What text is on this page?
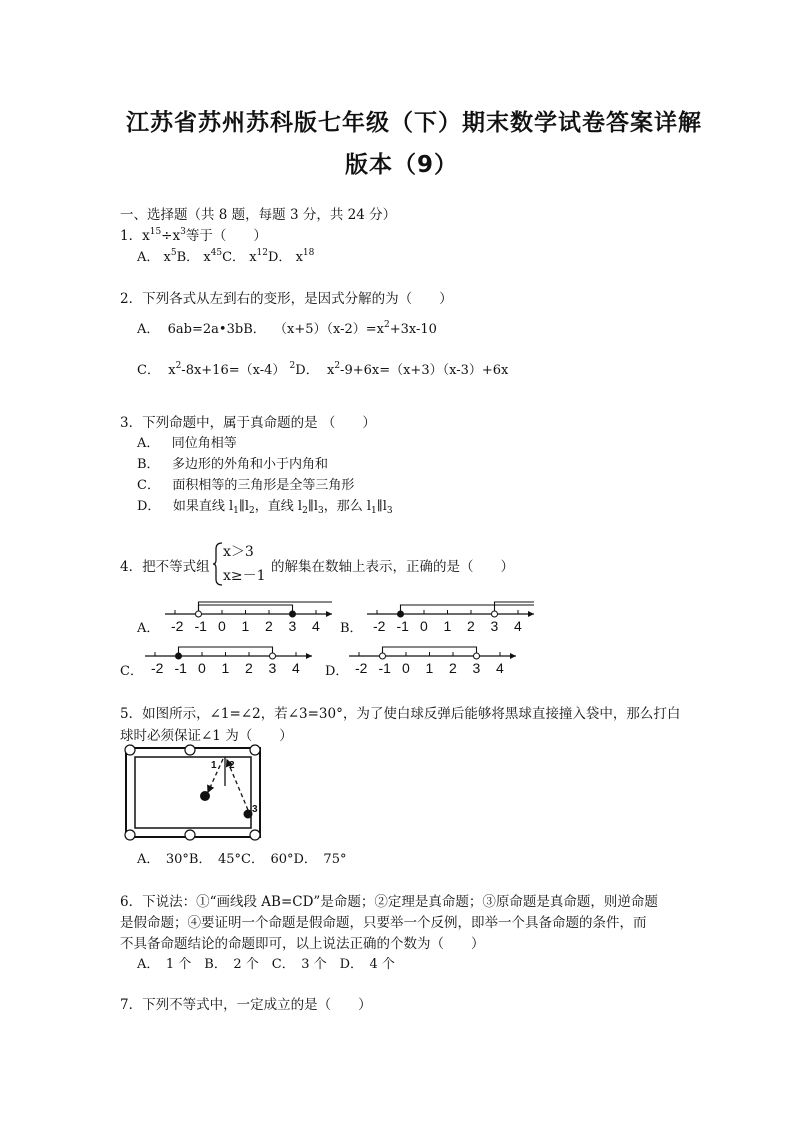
江苏省苏州苏科版七年级（下）期末数学试卷答案详解
版本（9）
一、选择题（共 8 题，每题 3 分，共 24 分）
1．$x^{15}\div x^3$等于（　　）
A． $x^5B$． $x^{45}C$． $x^{12}D$． $x^{18}$
2．下列各式从左到右的变形，是因式分解的为（　　）
A． 6ab=2a•3bB． $(x+5)(x-2)=x^2+3x-10$
C． $x^2-8x+16=(x-4)$ $^2$D． $x^2-9+6x=(x+3)(x-3)+6x$
3．下列命题中，属于真命题的是 （　　）
A． 同位角相等
B． 多边形的外角和小于内角和
C． 面积相等的三角形是全等三角形
D． 如果直线 $l_1\parallel l_2$，直线 $l_2\parallel l_3$，那么 $l_1\parallel l_3$
4．把不等式组
x＞3
x≥－1
的解集在数轴上表示，正确的是（　　）
A． -2 -1 0 1 2 3 4 B． -2 -1 0 1 2 3 4
C． -2 -1 0 1 2 3 4 D． -2 -1 0 1 2 3 4
5．如图所示，∠1=∠2，若∠3=30°，为了使白球反弹后能够将黑球直接撞入袋中，那么打白
球时必须保证∠1 为（　　）
1 2
3
A．　30°B．　45°C．　60°D．　75°
6．下说法：①“画线段 AB=CD”是命题；②定理是真命题；③原命题是真命题，则逆命题
是假命题；④要证明一个命题是假命题，只要举一个反例，即举一个具备命题的条件，而
不具备命题结论的命题即可，以上说法正确的个数为（　　）
A．　1 个　B．　2 个　C．　3 个　D．　4 个
7．下列不等式中，一定成立的是（　　）
